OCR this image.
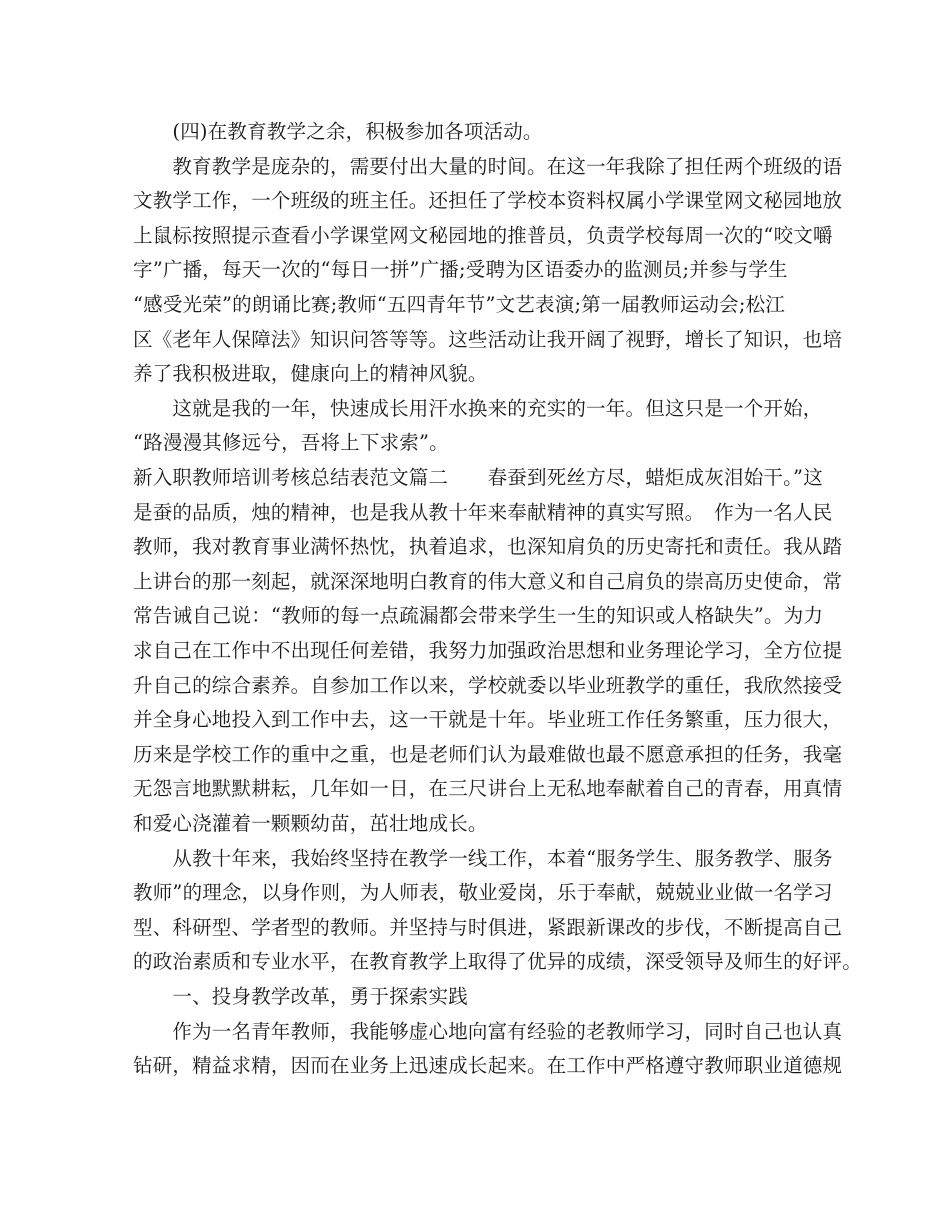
　　(四)在教育教学之余，积极参加各项活动。
　　教育教学是庞杂的，需要付出大量的时间。在这一年我除了担任两个班级的语
文教学工作，一个班级的班主任。还担任了学校本资料权属小学课堂网文秘园地放
上鼠标按照提示查看小学课堂网文秘园地的推普员，负责学校每周一次的“咬文嚼
字”广播，每天一次的“每日一拼”广播;受聘为区语委办的监测员;并参与学生
“感受光荣”的朗诵比赛;教师“五四青年节”文艺表演;第一届教师运动会;松江
区《老年人保障法》知识问答等等。这些活动让我开阔了视野，增长了知识，也培
养了我积极进取，健康向上的精神风貌。
　　这就是我的一年，快速成长用汗水换来的充实的一年。但这只是一个开始，
“路漫漫其修远兮，吾将上下求索”。
新入职教师培训考核总结表范文篇二　　春蚕到死丝方尽，蜡炬成灰泪始干。”这
是蚕的品质，烛的精神，也是我从教十年来奉献精神的真实写照。　作为一名人民
教师，我对教育事业满怀热忱，执着追求，也深知肩负的历史寄托和责任。我从踏
上讲台的那一刻起，就深深地明白教育的伟大意义和自己肩负的崇高历史使命，常
常告诫自己说：“教师的每一点疏漏都会带来学生一生的知识或人格缺失”。为力
求自己在工作中不出现任何差错，我努力加强政治思想和业务理论学习，全方位提
升自己的综合素养。自参加工作以来，学校就委以毕业班教学的重任，我欣然接受
并全身心地投入到工作中去，这一干就是十年。毕业班工作任务繁重，压力很大，
历来是学校工作的重中之重，也是老师们认为最难做也最不愿意承担的任务，我毫
无怨言地默默耕耘，几年如一日，在三尺讲台上无私地奉献着自己的青春，用真情
和爱心浇灌着一颗颗幼苗，茁壮地成长。
　　从教十年来，我始终坚持在教学一线工作，本着“服务学生、服务教学、服务
教师”的理念，以身作则，为人师表，敬业爱岗，乐于奉献，兢兢业业做一名学习
型、科研型、学者型的教师。并坚持与时俱进，紧跟新课改的步伐，不断提高自己
的政治素质和专业水平，在教育教学上取得了优异的成绩，深受领导及师生的好评。
　　一、投身教学改革，勇于探索实践
　　作为一名青年教师，我能够虚心地向富有经验的老教师学习，同时自己也认真
钻研，精益求精，因而在业务上迅速成长起来。在工作中严格遵守教师职业道德规
